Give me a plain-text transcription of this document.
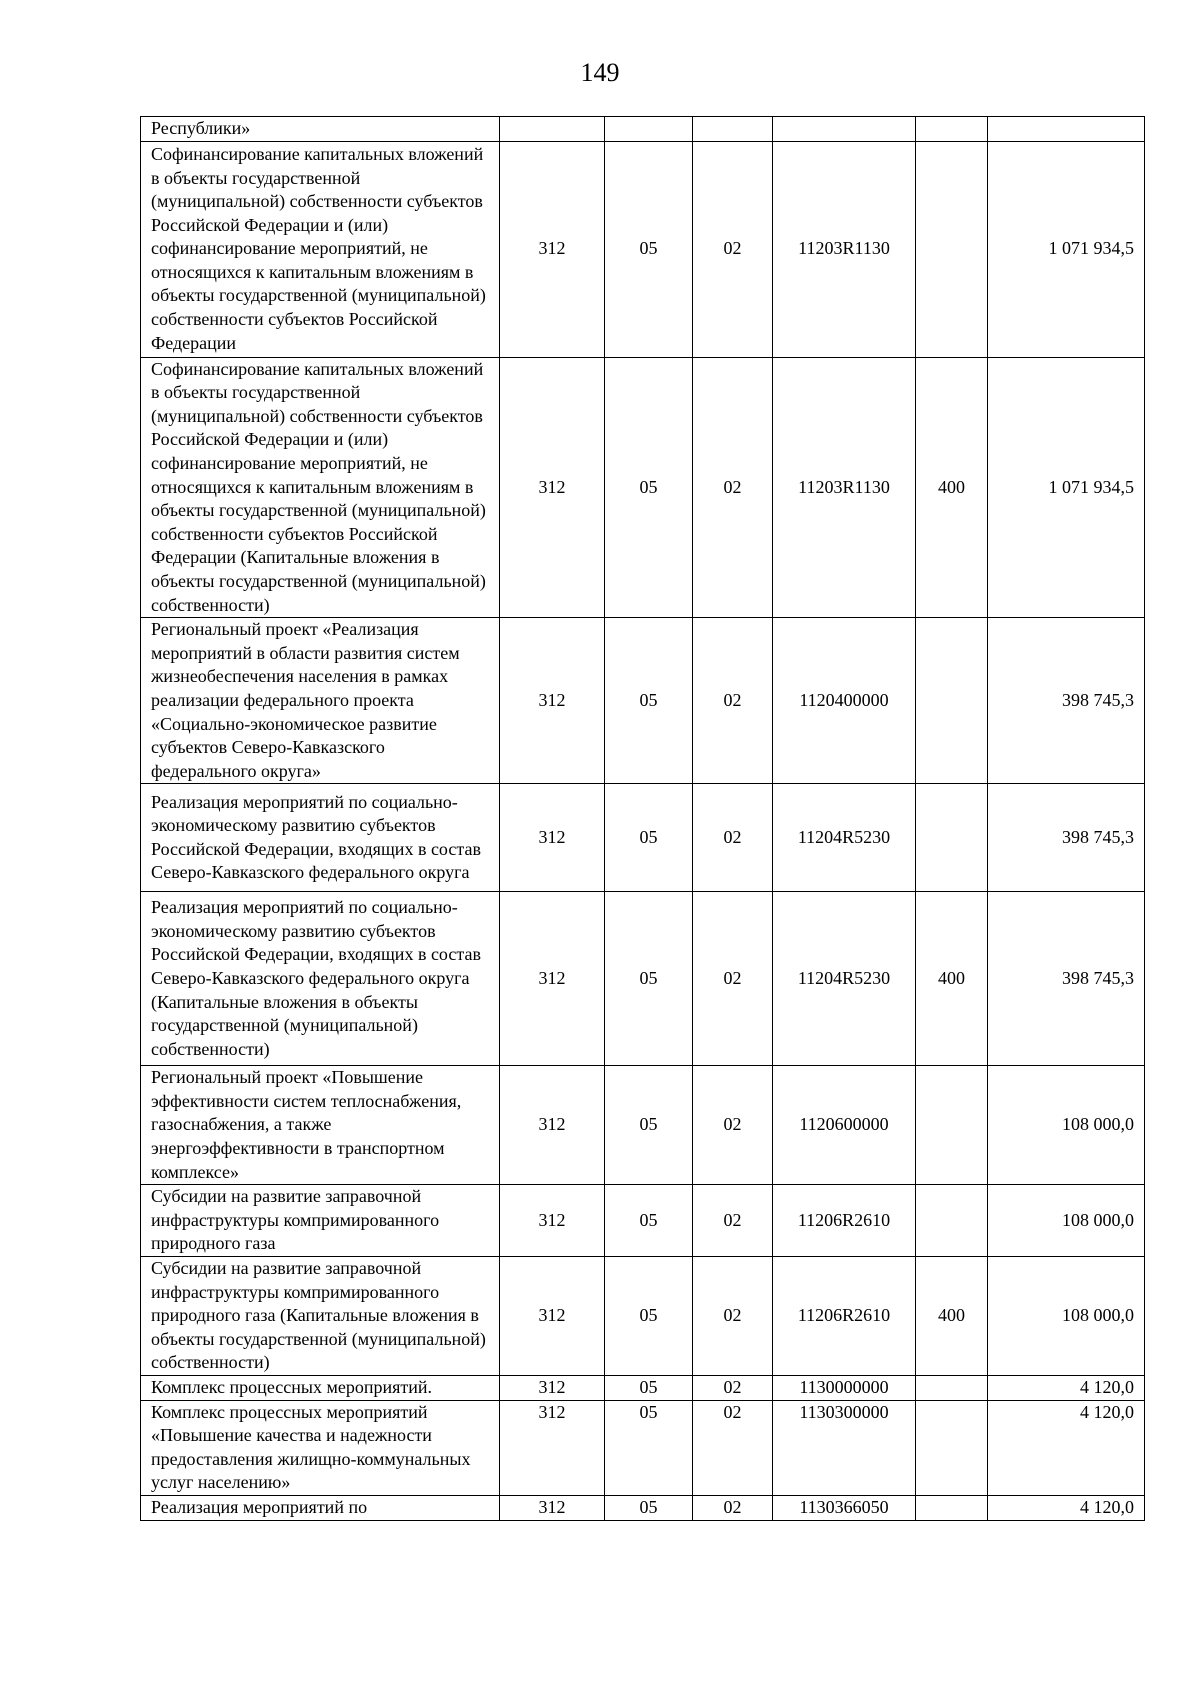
149
Республики»						
Софинансирование капитальных вложений в объекты государственной (муниципальной) собственности субъектов Российской Федерации и (или) софинансирование мероприятий, не относящихся к капитальным вложениям в объекты государственной (муниципальной) собственности субъектов Российской Федерации	312	05	02	11203R1130		1 071 934,5
Софинансирование капитальных вложений в объекты государственной (муниципальной) собственности субъектов Российской Федерации и (или) софинансирование мероприятий, не относящихся к капитальным вложениям в объекты государственной (муниципальной) собственности субъектов Российской Федерации (Капитальные вложения в объекты государственной (муниципальной) собственности)	312	05	02	11203R1130	400	1 071 934,5
Региональный проект «Реализация мероприятий в области развития систем жизнеобеспечения населения в рамках реализации федерального проекта «Социально-экономическое развитие субъектов Северо-Кавказского федерального округа»	312	05	02	1120400000		398 745,3
Реализация мероприятий по социально-экономическому развитию субъектов Российской Федерации, входящих в состав Северо-Кавказского федерального округа	312	05	02	11204R5230		398 745,3
Реализация мероприятий по социально-экономическому развитию субъектов Российской Федерации, входящих в состав Северо-Кавказского федерального округа (Капитальные вложения в объекты государственной (муниципальной) собственности)	312	05	02	11204R5230	400	398 745,3
Региональный проект «Повышение эффективности систем теплоснабжения, газоснабжения, а также энергоэффективности в транспортном комплексе»	312	05	02	1120600000		108 000,0
Субсидии на развитие заправочной инфраструктуры компримированного природного газа	312	05	02	11206R2610		108 000,0
Субсидии на развитие заправочной инфраструктуры компримированного природного газа (Капитальные вложения в объекты государственной (муниципальной) собственности)	312	05	02	11206R2610	400	108 000,0
Комплекс процессных мероприятий.	312	05	02	1130000000		4 120,0
Комплекс процессных мероприятий «Повышение качества и надежности предоставления жилищно-коммунальных услуг населению»	312	05	02	1130300000		4 120,0
Реализация мероприятий по	312	05	02	1130366050		4 120,0
